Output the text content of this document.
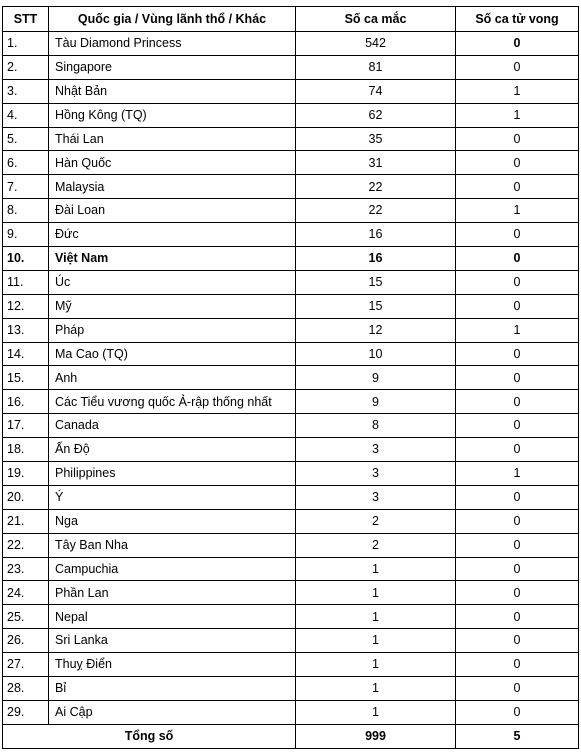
STT	Quốc gia / Vùng lãnh thổ / Khác	Số ca mắc	Số ca tử vong
1.	Tàu Diamond Princess	542	0
2.	Singapore	81	0
3.	Nhật Bản	74	1
4.	Hồng Kông (TQ)	62	1
5.	Thái Lan	35	0
6.	Hàn Quốc	31	0
7.	Malaysia	22	0
8.	Đài Loan	22	1
9.	Đức	16	0
10.	Việt Nam	16	0
11.	Úc	15	0
12.	Mỹ	15	0
13.	Pháp	12	1
14.	Ma Cao (TQ)	10	0
15.	Anh	9	0
16.	Các Tiểu vương quốc Ả-rập thống nhất	9	0
17.	Canada	8	0
18.	Ấn Độ	3	0
19.	Philippines	3	1
20.	Ý	3	0
21.	Nga	2	0
22.	Tây Ban Nha	2	0
23.	Campuchia	1	0
24.	Phần Lan	1	0
25.	Nepal	1	0
26.	Sri Lanka	1	0
27.	Thuỵ Điển	1	0
28.	Bỉ	1	0
29.	Ai Cập	1	0
Tổng số		999	5
